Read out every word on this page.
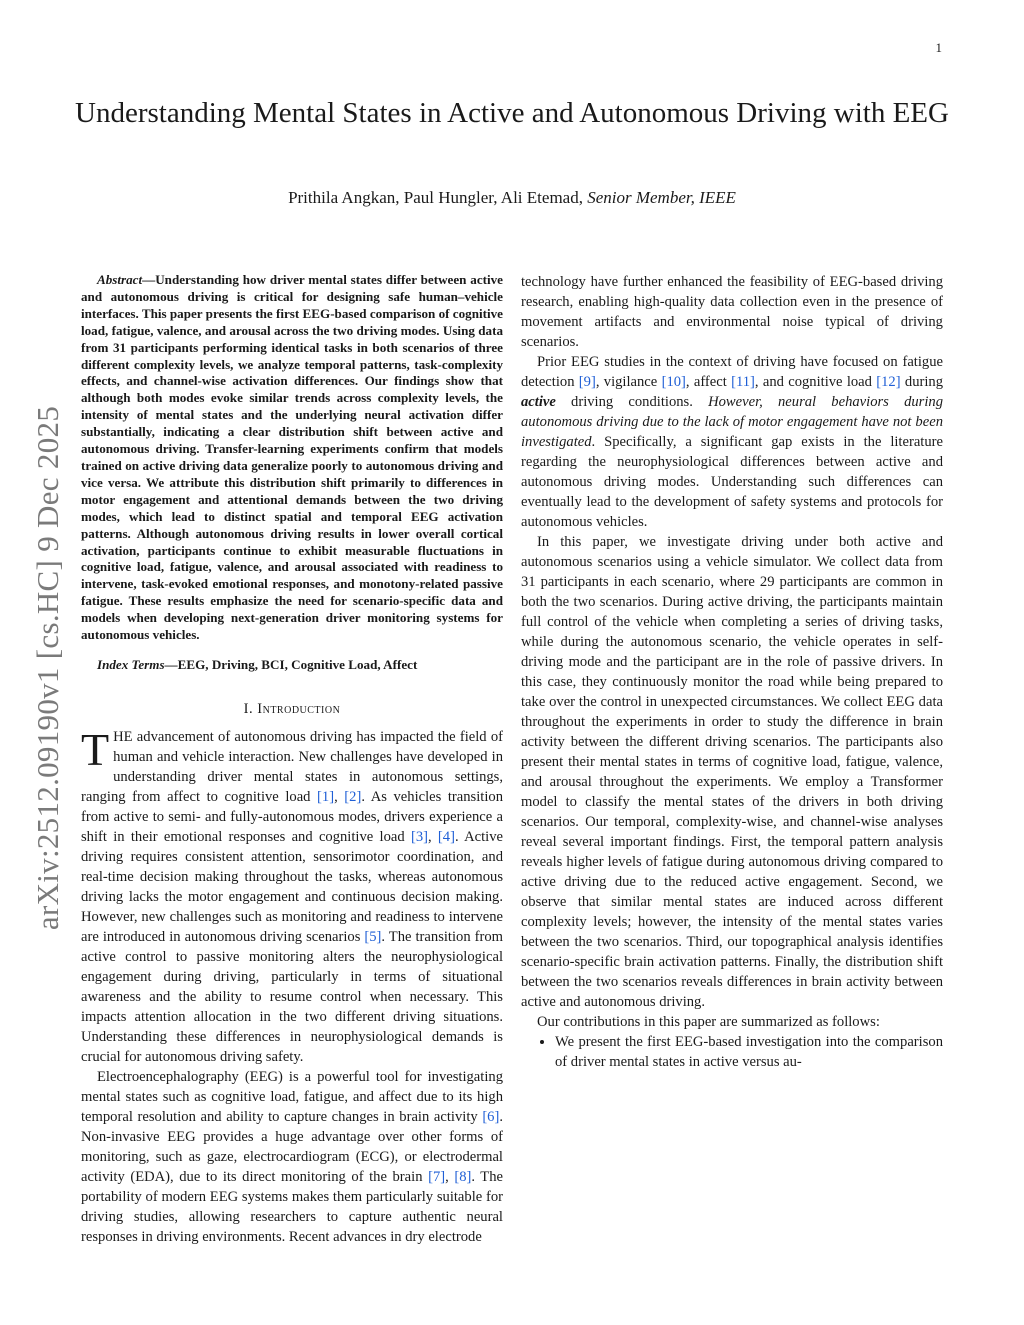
1
arXiv:2512.09190v1 [cs.HC] 9 Dec 2025
Understanding Mental States in Active and Autonomous Driving with EEG
Prithila Angkan, Paul Hungler, Ali Etemad, Senior Member, IEEE

Abstract—Understanding how driver mental states differ between active and autonomous driving is critical for designing safe human–vehicle interfaces. This paper presents the first EEG-based comparison of cognitive load, fatigue, valence, and arousal across the two driving modes. Using data from 31 participants performing identical tasks in both scenarios of three different complexity levels, we analyze temporal patterns, task-complexity effects, and channel-wise activation differences. Our findings show that although both modes evoke similar trends across complexity levels, the intensity of mental states and the underlying neural activation differ substantially, indicating a clear distribution shift between active and autonomous driving. Transfer-learning experiments confirm that models trained on active driving data generalize poorly to autonomous driving and vice versa. We attribute this distribution shift primarily to differences in motor engagement and attentional demands between the two driving modes, which lead to distinct spatial and temporal EEG activation patterns. Although autonomous driving results in lower overall cortical activation, participants continue to exhibit measurable fluctuations in cognitive load, fatigue, valence, and arousal associated with readiness to intervene, task-evoked emotional responses, and monotony-related passive fatigue. These results emphasize the need for scenario-specific data and models when developing next-generation driver monitoring systems for autonomous vehicles.

Index Terms—EEG, Driving, BCI, Cognitive Load, Affect

I. Introduction

THE advancement of autonomous driving has impacted the field of human and vehicle interaction. New challenges have developed in understanding driver mental states in autonomous settings, ranging from affect to cognitive load [1], [2]. As vehicles transition from active to semi- and fully-autonomous modes, drivers experience a shift in their emotional responses and cognitive load [3], [4]. Active driving requires consistent attention, sensorimotor coordination, and real-time decision making throughout the tasks, whereas autonomous driving lacks the motor engagement and continuous decision making. However, new challenges such as monitoring and readiness to intervene are introduced in autonomous driving scenarios [5]. The transition from active control to passive monitoring alters the neurophysiological engagement during driving, particularly in terms of situational awareness and the ability to resume control when necessary. This impacts attention allocation in the two different driving situations. Understanding these differences in neurophysiological demands is crucial for autonomous driving safety.

Electroencephalography (EEG) is a powerful tool for investigating mental states such as cognitive load, fatigue, and affect due to its high temporal resolution and ability to capture changes in brain activity [6]. Non-invasive EEG provides a huge advantage over other forms of monitoring, such as gaze, electrocardiogram (ECG), or electrodermal activity (EDA), due to its direct monitoring of the brain [7], [8]. The portability of modern EEG systems makes them particularly suitable for driving studies, allowing researchers to capture authentic neural responses in driving environments. Recent advances in dry electrode

technology have further enhanced the feasibility of EEG-based driving research, enabling high-quality data collection even in the presence of movement artifacts and environmental noise typical of driving scenarios.

Prior EEG studies in the context of driving have focused on fatigue detection [9], vigilance [10], affect [11], and cognitive load [12] during active driving conditions. However, neural behaviors during autonomous driving due to the lack of motor engagement have not been investigated. Specifically, a significant gap exists in the literature regarding the neurophysiological differences between active and autonomous driving modes. Understanding such differences can eventually lead to the development of safety systems and protocols for autonomous vehicles.

In this paper, we investigate driving under both active and autonomous scenarios using a vehicle simulator. We collect data from 31 participants in each scenario, where 29 participants are common in both the two scenarios. During active driving, the participants maintain full control of the vehicle when completing a series of driving tasks, while during the autonomous scenario, the vehicle operates in self-driving mode and the participant are in the role of passive drivers. In this case, they continuously monitor the road while being prepared to take over the control in unexpected circumstances. We collect EEG data throughout the experiments in order to study the difference in brain activity between the different driving scenarios. The participants also present their mental states in terms of cognitive load, fatigue, valence, and arousal throughout the experiments. We employ a Transformer model to classify the mental states of the drivers in both driving scenarios. Our temporal, complexity-wise, and channel-wise analyses reveal several important findings. First, the temporal pattern analysis reveals higher levels of fatigue during autonomous driving compared to active driving due to the reduced active engagement. Second, we observe that similar mental states are induced across different complexity levels; however, the intensity of the mental states varies between the two scenarios. Third, our topographical analysis identifies scenario-specific brain activation patterns. Finally, the distribution shift between the two scenarios reveals differences in brain activity between active and autonomous driving.

Our contributions in this paper are summarized as follows:

• We present the first EEG-based investigation into the comparison of driver mental states in active versus au-
